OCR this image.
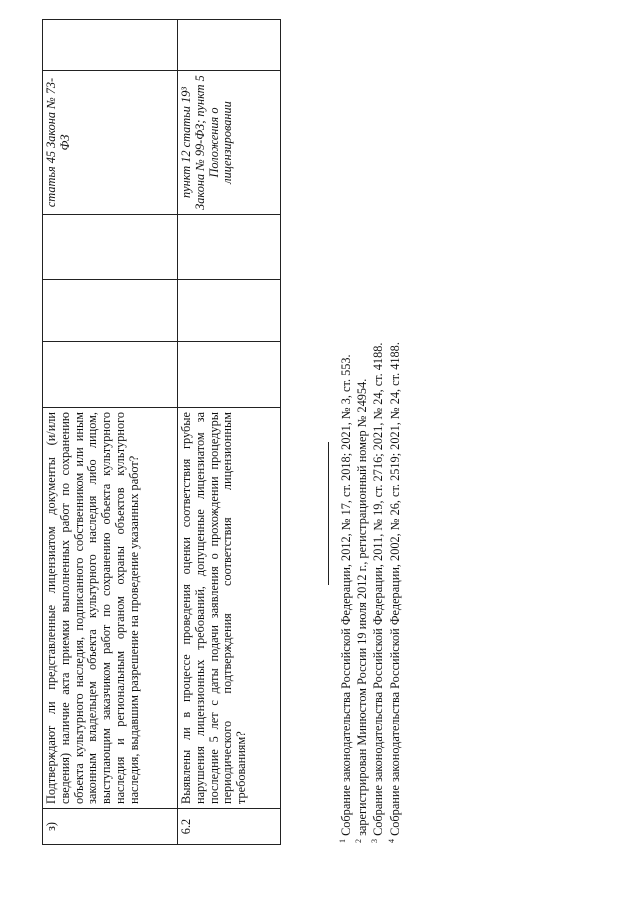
з)	Подтверждают ли представленные лицензиатом документы (и/или сведения) наличие акта приемки выполненных работ по сохранению объекта культурного наследия, подписанного собственником или иным законным владельцем объекта культурного наследия либо лицом, выступающим заказчиком работ по сохранению объекта культурного наследия и региональным органом охраны объектов культурного наследия, выдавшим разрешение на проведение указанных работ?				статья 45 Закона № 73-ФЗ	
6.2	Выявлены ли в процессе проведения оценки соответствия грубые нарушения лицензионных требований, допущенные лицензиатом за последние 5 лет с даты подачи заявления о прохождении процедуры периодического подтверждения соответствия лицензионным требованиям?				пункт 12 статьи 19³ Закона № 99-ФЗ; пункт 5 Положения о лицензировании	
$^1$ Собрание законодательства Российской Федерации, 2012, № 17, ст. 2018; 2021, № 3, ст. 553.
$^2$ зарегистрирован Минюстом России 19 июля 2012 г., регистрационный номер № 24954.
$^3$ Собрание законодательства Российской Федерации, 2011, № 19, ст. 2716; 2021, № 24, ст. 4188.
$^4$ Собрание законодательства Российской Федерации, 2002, № 26, ст. 2519; 2021, № 24, ст. 4188.
